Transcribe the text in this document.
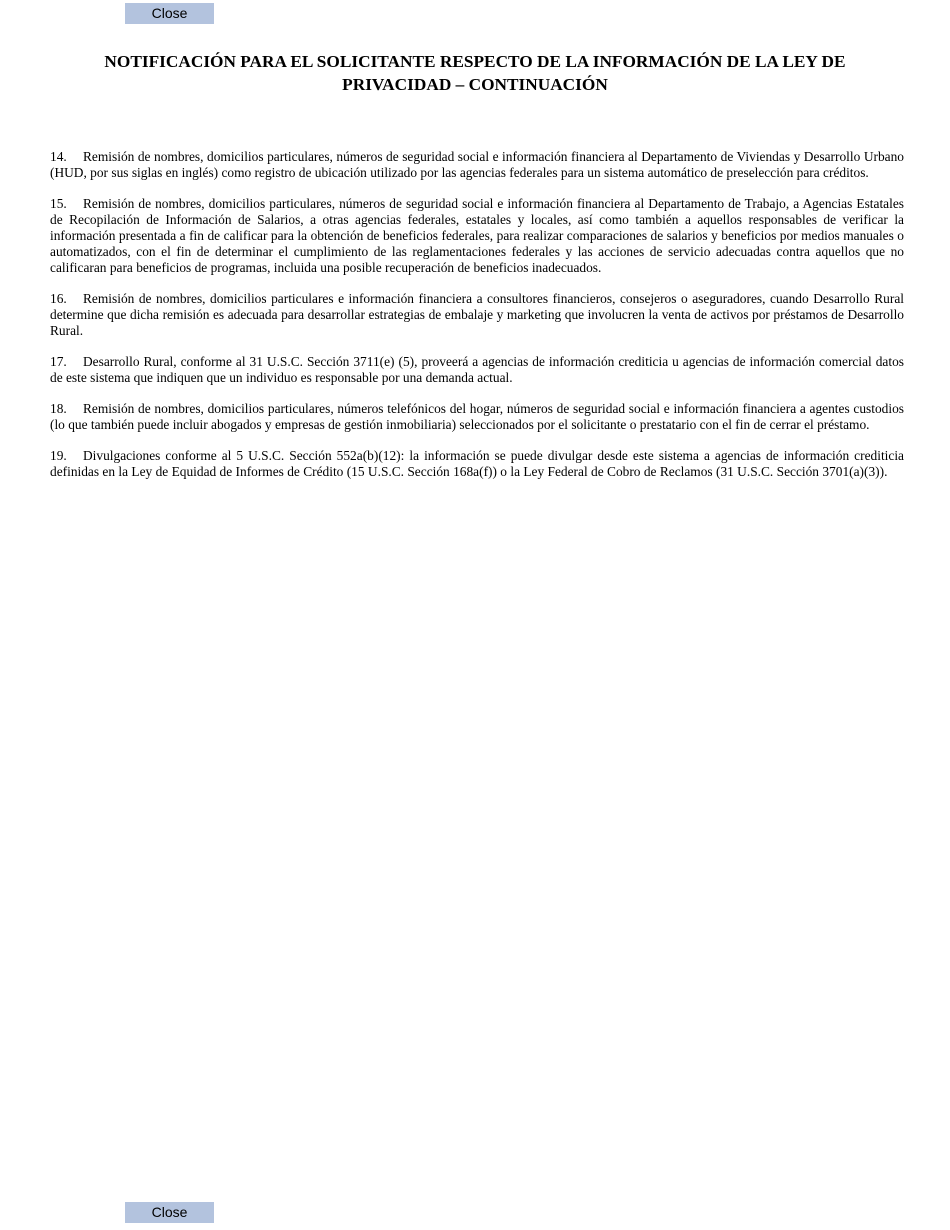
Close
NOTIFICACIÓN PARA EL SOLICITANTE RESPECTO DE LA INFORMACIÓN DE LA LEY DE PRIVACIDAD – CONTINUACIÓN

14. Remisión de nombres, domicilios particulares, números de seguridad social e información financiera al Departamento de Viviendas y Desarrollo Urbano (HUD, por sus siglas en inglés) como registro de ubicación utilizado por las agencias federales para un sistema automático de preselección para créditos.

15. Remisión de nombres, domicilios particulares, números de seguridad social e información financiera al Departamento de Trabajo, a Agencias Estatales de Recopilación de Información de Salarios, a otras agencias federales, estatales y locales, así como también a aquellos responsables de verificar la información presentada a fin de calificar para la obtención de beneficios federales, para realizar comparaciones de salarios y beneficios por medios manuales o automatizados, con el fin de determinar el cumplimiento de las reglamentaciones federales y las acciones de servicio adecuadas contra aquellos que no calificaran para beneficios de programas, incluida una posible recuperación de beneficios inadecuados.

16. Remisión de nombres, domicilios particulares e información financiera a consultores financieros, consejeros o aseguradores, cuando Desarrollo Rural determine que dicha remisión es adecuada para desarrollar estrategias de embalaje y marketing que involucren la venta de activos por préstamos de Desarrollo Rural.

17. Desarrollo Rural, conforme al 31 U.S.C. Sección 3711(e) (5), proveerá a agencias de información crediticia u agencias de información comercial datos de este sistema que indiquen que un individuo es responsable por una demanda actual.

18. Remisión de nombres, domicilios particulares, números telefónicos del hogar, números de seguridad social e información financiera a agentes custodios (lo que también puede incluir abogados y empresas de gestión inmobiliaria) seleccionados por el solicitante o prestatario con el fin de cerrar el préstamo.

19. Divulgaciones conforme al 5 U.S.C. Sección 552a(b)(12): la información se puede divulgar desde este sistema a agencias de información crediticia definidas en la Ley de Equidad de Informes de Crédito (15 U.S.C. Sección 168a(f)) o la Ley Federal de Cobro de Reclamos (31 U.S.C. Sección 3701(a)(3)).

Close
